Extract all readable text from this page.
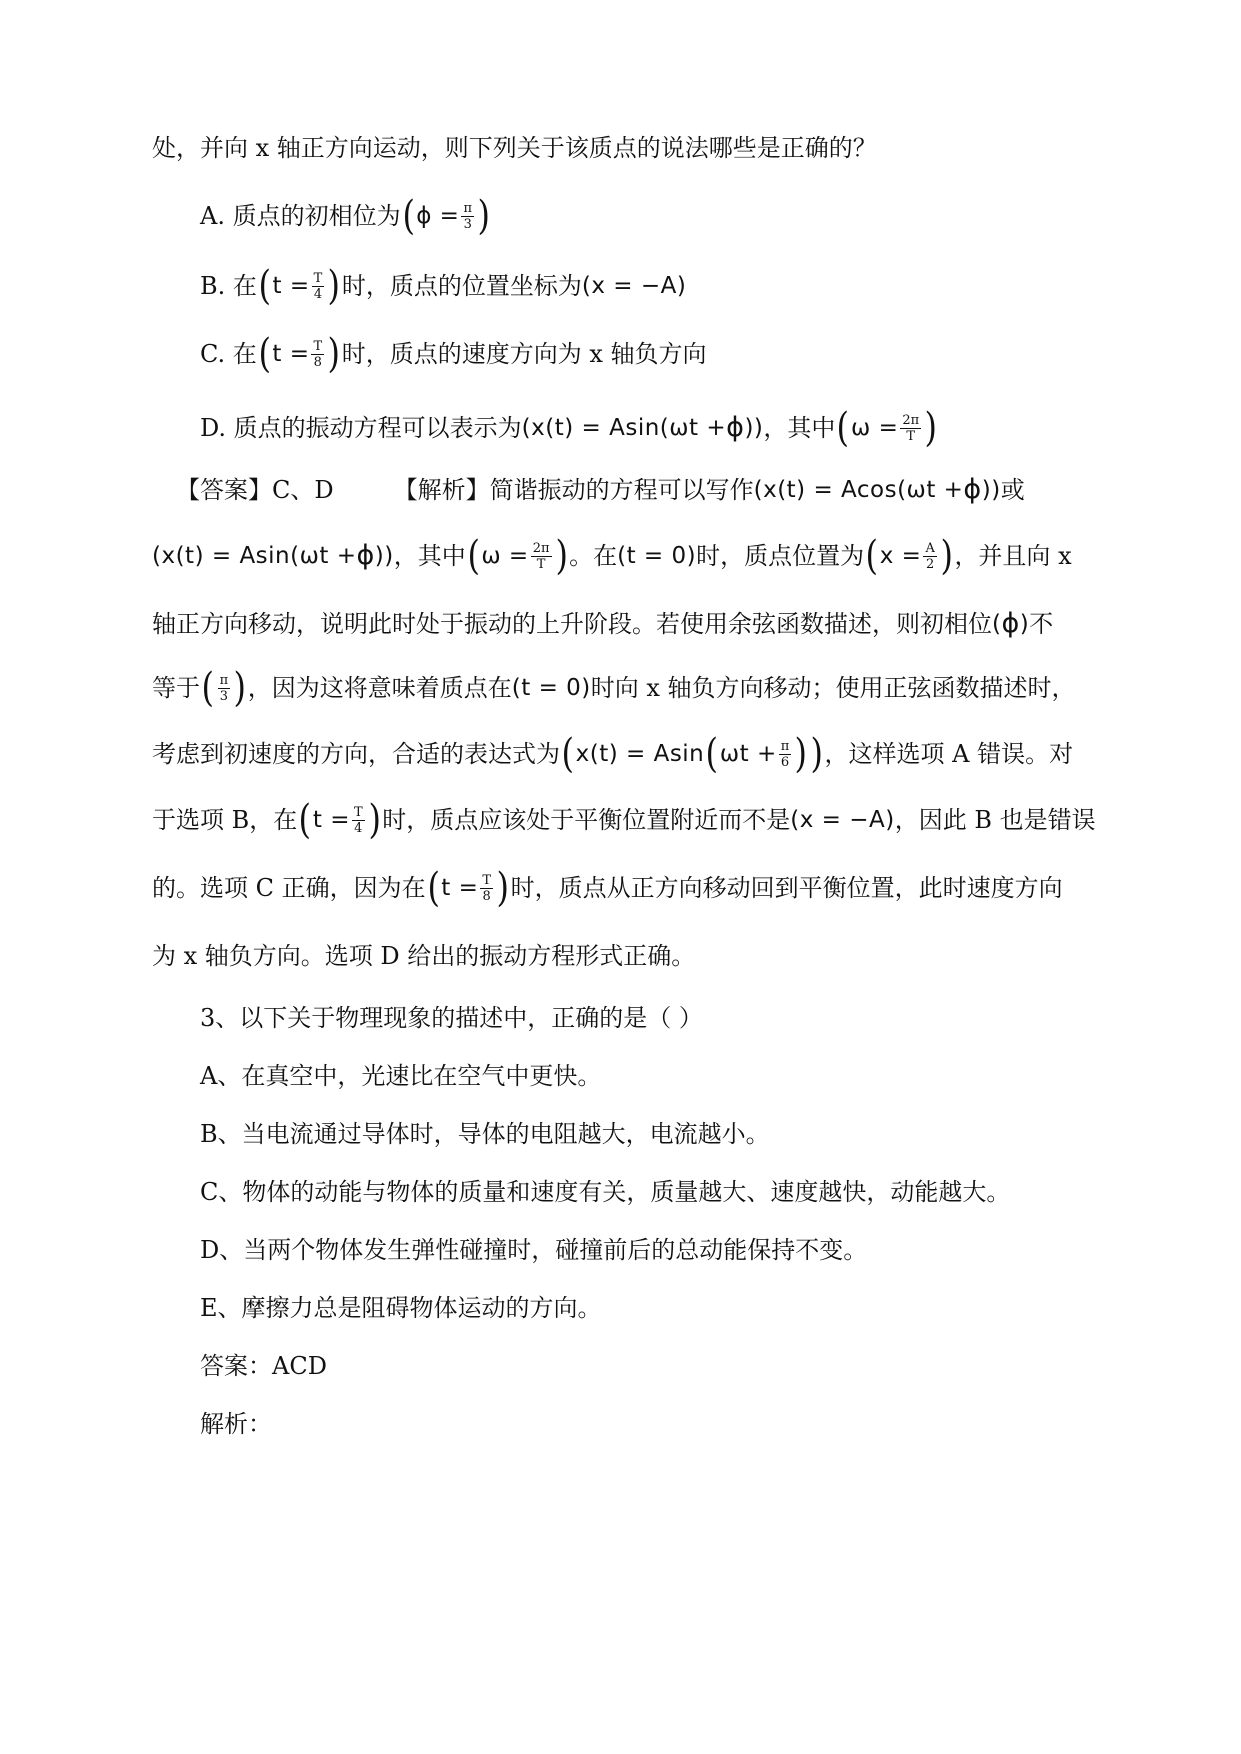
处，并向 x 轴正方向运动，则下列关于该质点的说法哪些是正确的？
A. 质点的初相位为 ( $\phi = \frac{\pi}{3}$ )
B. 在 ( $t = \frac{T}{4}$ ) 时，质点的位置坐标为 (x = −A)
C. 在 ( $t = \frac{T}{8}$ ) 时，质点的速度方向为 x 轴负方向
D. 质点的振动方程可以表示为 (x(t) = Asin(ωt + ϕ )) ，其中 ( $\omega = \frac{2\pi}{T}$ )
【答案】C、D	【解析】简谐振动的方程可以写作 (x(t) = Acos(ωt + ϕ )) 或
(x(t) = Asin(ωt + ϕ )) ，其中 ( $\omega = \frac{2\pi}{T}$ ) 。在 (t = 0) 时，质点位置为 ( $x = \frac{A}{2}$ ) ，并且向 x
轴正方向移动，说明此时处于振动的上升阶段。若使用余弦函数描述，则初相位 ( ϕ ) 不
等于 ( $\frac{\pi}{3}$ ) ，因为这将意味着质点在 (t = 0) 时向 x 轴负方向移动；使用正弦函数描述时，
考虑到初速度的方向，合适的表达式为 ( x(t) = Asin ( $\omega t + \frac{\pi}{6}$ ) ) ，这样选项 A 错误。对
于选项 B，在 ( $t = \frac{T}{4}$ ) 时，质点应该处于平衡位置附近而不是 (x = −A) ，因此 B 也是错误
的。选项 C 正确，因为在 ( $t = \frac{T}{8}$ ) 时，质点从正方向移动回到平衡位置，此时速度方向
为 x 轴负方向。选项 D 给出的振动方程形式正确。
3、以下关于物理现象的描述中，正确的是（ ）
A、在真空中，光速比在空气中更快。
B、当电流通过导体时，导体的电阻越大，电流越小。
C、物体的动能与物体的质量和速度有关，质量越大、速度越快，动能越大。
D、当两个物体发生弹性碰撞时，碰撞前后的总动能保持不变。
E、摩擦力总是阻碍物体运动的方向。
答案：ACD
解析：
